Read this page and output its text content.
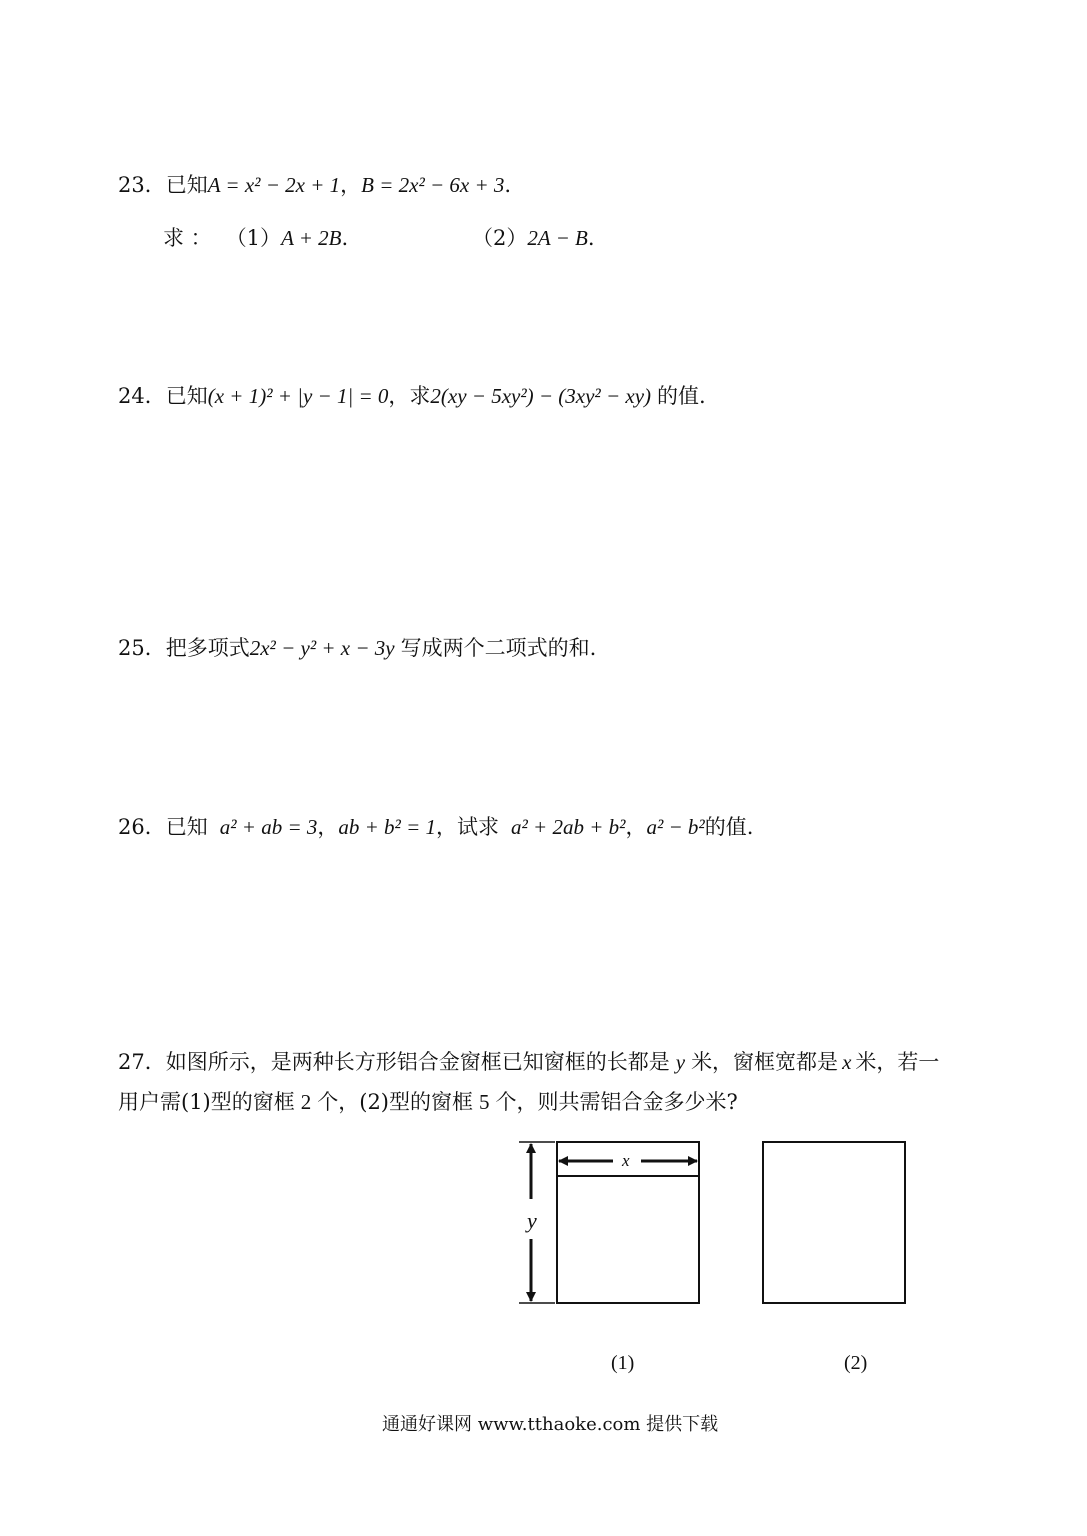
23．已知A = x² − 2x + 1，B = 2x² − 6x + 3.
求 ： （1）A + 2B.	（2）2A − B.
24．已知(x + 1)² + |y − 1| = 0，求2(xy − 5xy²) − (3xy² − xy) 的值.
25．把多项式2x² − y² + x − 3y 写成两个二项式的和.
26．已知 a² + ab = 3，ab + b² = 1，试求 a² + 2ab + b²，a² − b²的值.
27．如图所示，是两种长方形铝合金窗框已知窗框的长都是 y 米，窗框宽都是 x 米，若一
用户需(1)型的窗框 2 个，(2)型的窗框 5 个，则共需铝合金多少米?
x
y
(1)	(2)
通通好课网 www.tthaoke.com 提供下载
